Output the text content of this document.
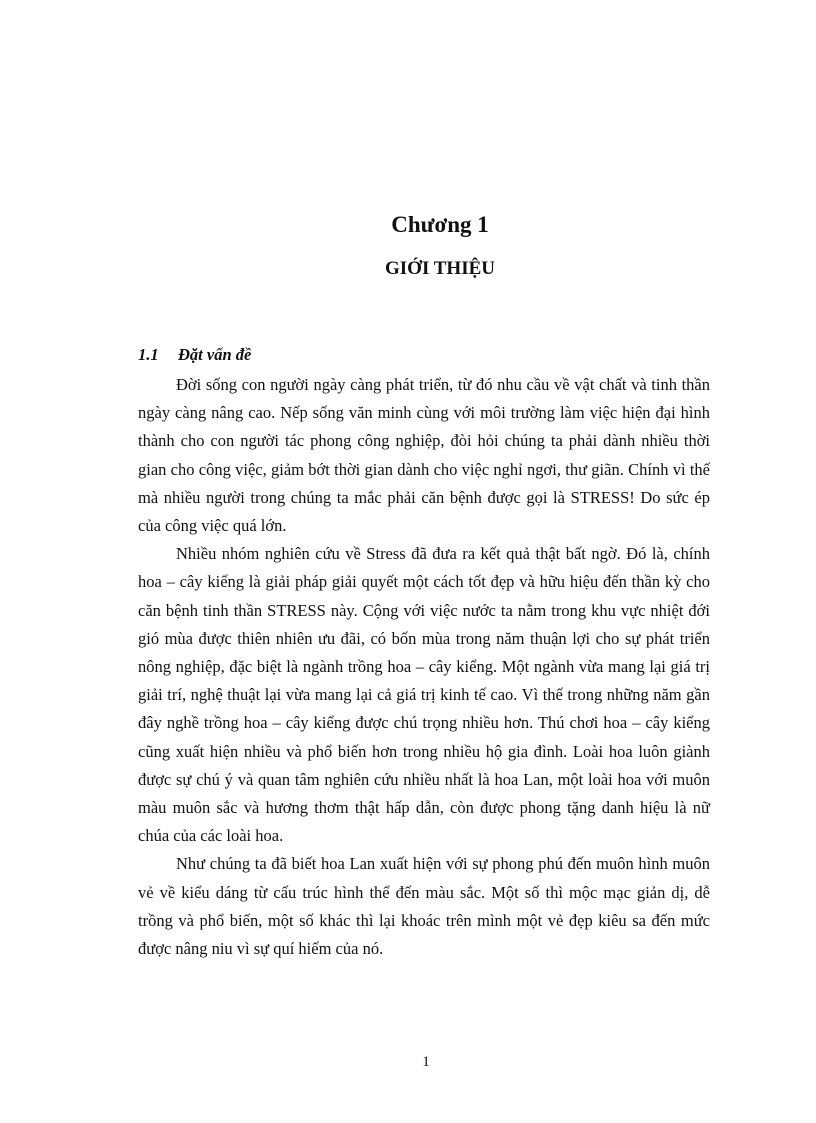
Chương 1
GIỚI THIỆU
1.1 Đặt vấn đề

Đời sống con người ngày càng phát triển, từ đó nhu cầu về vật chất và tinh thần ngày càng nâng cao. Nếp sống văn minh cùng với môi trường làm việc hiện đại hình thành cho con người tác phong công nghiệp, đòi hỏi chúng ta phải dành nhiều thời gian cho công việc, giảm bớt thời gian dành cho việc nghỉ ngơi, thư giãn. Chính vì thế mà nhiều người trong chúng ta mắc phải căn bệnh được gọi là STRESS! Do sức ép của công việc quá lớn.

Nhiều nhóm nghiên cứu về Stress đã đưa ra kết quả thật bất ngờ. Đó là, chính hoa – cây kiểng là giải pháp giải quyết một cách tốt đẹp và hữu hiệu đến thần kỳ cho căn bệnh tinh thần STRESS này. Cộng với việc nước ta nằm trong khu vực nhiệt đới gió mùa được thiên nhiên ưu đãi, có bốn mùa trong năm thuận lợi cho sự phát triển nông nghiệp, đặc biệt là ngành trồng hoa – cây kiểng. Một ngành vừa mang lại giá trị giải trí, nghệ thuật lại vừa mang lại cả giá trị kinh tế cao. Vì thế trong những năm gần đây nghề trồng hoa – cây kiểng được chú trọng nhiều hơn. Thú chơi hoa – cây kiểng cũng xuất hiện nhiều và phổ biến hơn trong nhiều hộ gia đình. Loài hoa luôn giành được sự chú ý và quan tâm nghiên cứu nhiều nhất là hoa Lan, một loài hoa với muôn màu muôn sắc và hương thơm thật hấp dẫn, còn được phong tặng danh hiệu là nữ chúa của các loài hoa.

Như chúng ta đã biết hoa Lan xuất hiện với sự phong phú đến muôn hình muôn vẻ về kiểu dáng từ cấu trúc hình thể đến màu sắc. Một số thì mộc mạc giản dị, dễ trồng và phổ biến, một số khác thì lại khoác trên mình một vẻ đẹp kiêu sa đến mức được nâng niu vì sự quí hiếm của nó.

1
